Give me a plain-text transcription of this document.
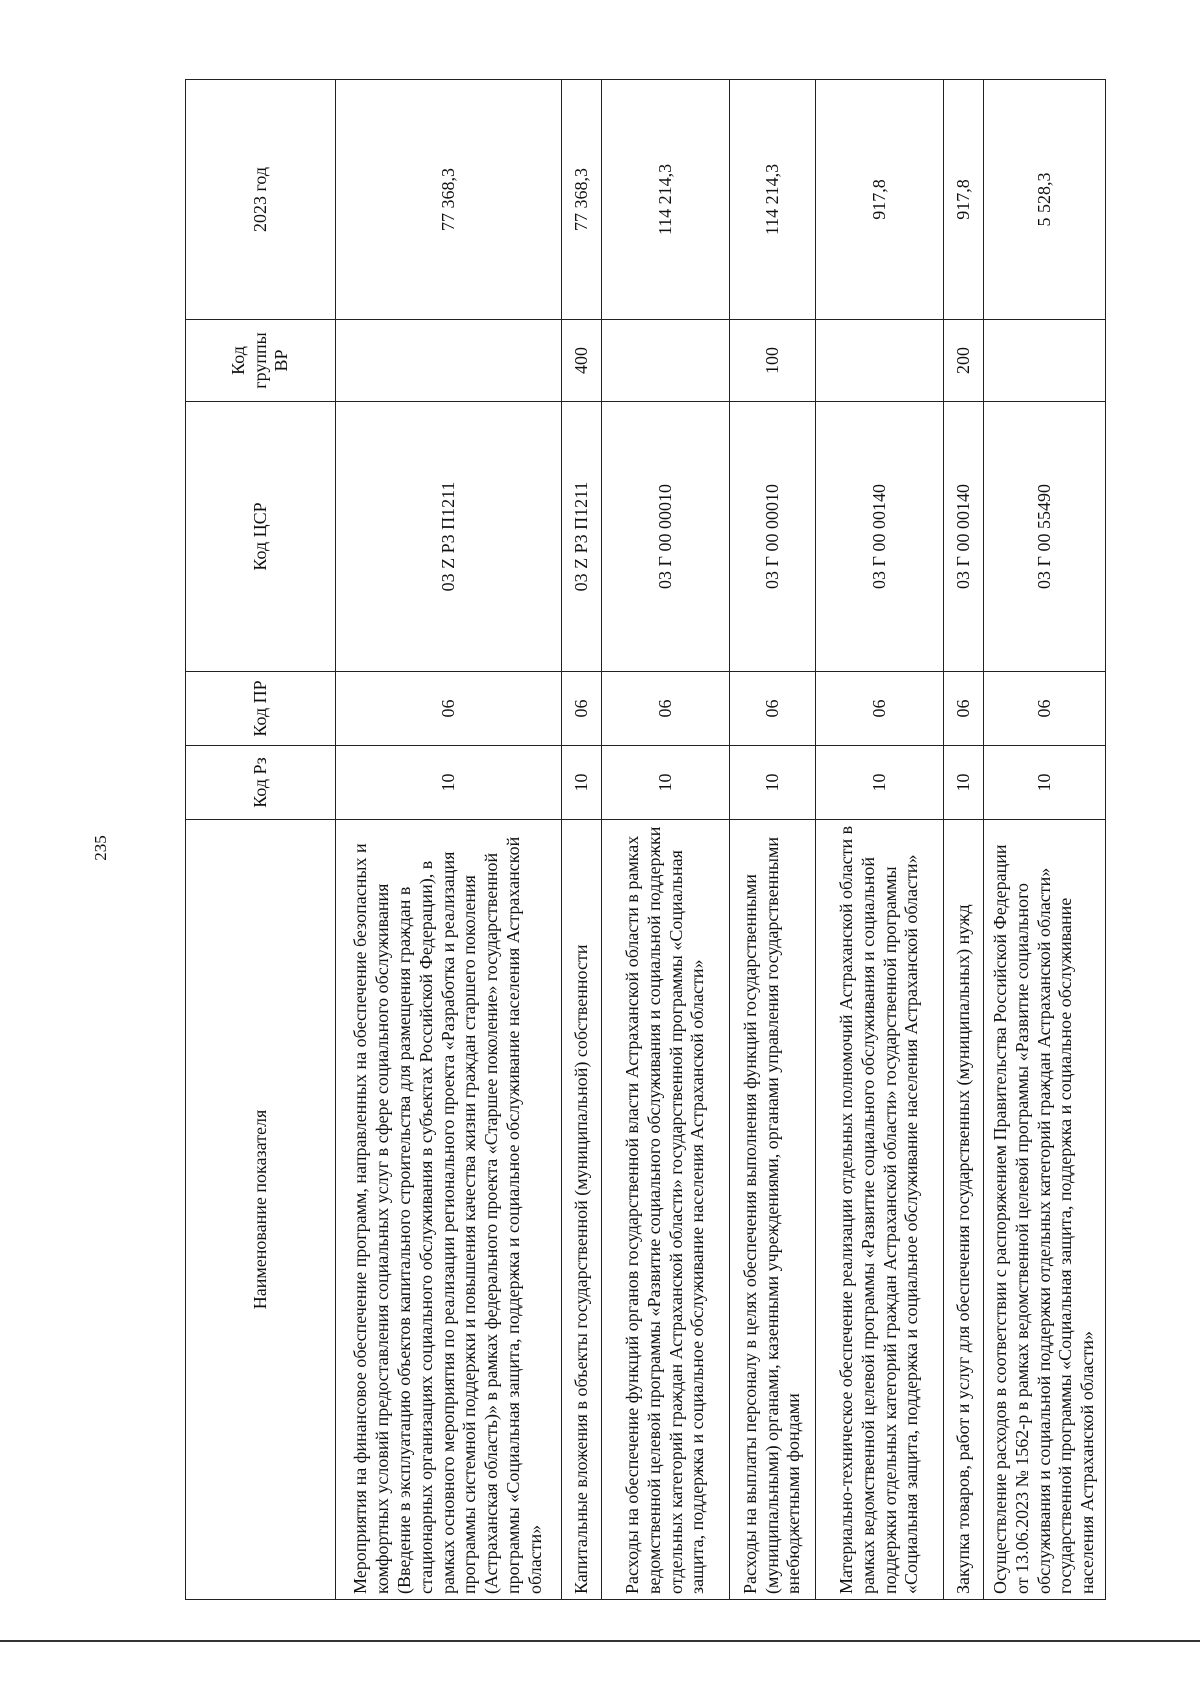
235
Наименование показателя	Код Рз	Код ПР	Код ЦСР	Код группы ВР	2023 год
Мероприятия на финансовое обеспечение программ, направленных на обеспечение безопасных и комфортных условий предоставления социальных услуг в сфере социального обслуживания (Введение в эксплуатацию объектов капитального строительства для размещения граждан в стационарных организациях социального обслуживания в субъектах Российской Федерации), в рамках основного мероприятия по реализации регионального проекта «Разработка и реализация программы системной поддержки и повышения качества жизни граждан старшего поколения (Астраханская область)» в рамках федерального проекта «Старшее поколение» государственной программы «Социальная защита, поддержка и социальное обслуживание населения Астраханской области»	10	06	03 Z P3 П1211		77 368,3
Капитальные вложения в объекты государственной (муниципальной) собственности	10	06	03 Z P3 П1211	400	77 368,3
Расходы на обеспечение функций органов государственной власти Астраханской области в рамках ведомственной целевой программы «Развитие социального обслуживания и социальной поддержки отдельных категорий граждан Астраханской области» государственной программы «Социальная защита, поддержка и социальное обслуживание населения Астраханской области»	10	06	03 Г 00 00010		114 214,3
Расходы на выплаты персоналу в целях обеспечения выполнения функций государственными (муниципальными) органами, казенными учреждениями, органами управления государственными внебюджетными фондами	10	06	03 Г 00 00010	100	114 214,3
Материально-техническое обеспечение реализации отдельных полномочий Астраханской области в рамках ведомственной целевой программы «Развитие социального обслуживания и социальной поддержки отдельных категорий граждан Астраханской области» государственной программы «Социальная защита, поддержка и социальное обслуживание населения Астраханской области»	10	06	03 Г 00 00140		917,8
Закупка товаров, работ и услуг для обеспечения государственных (муниципальных) нужд	10	06	03 Г 00 00140	200	917,8
Осуществление расходов в соответствии с распоряжением Правительства Российской Федерации от 13.06.2023 № 1562-р в рамках ведомственной целевой программы «Развитие социального обслуживания и социальной поддержки отдельных категорий граждан Астраханской области» государственной программы «Социальная защита, поддержка и социальное обслуживание населения Астраханской области»	10	06	03 Г 00 55490		5 528,3
